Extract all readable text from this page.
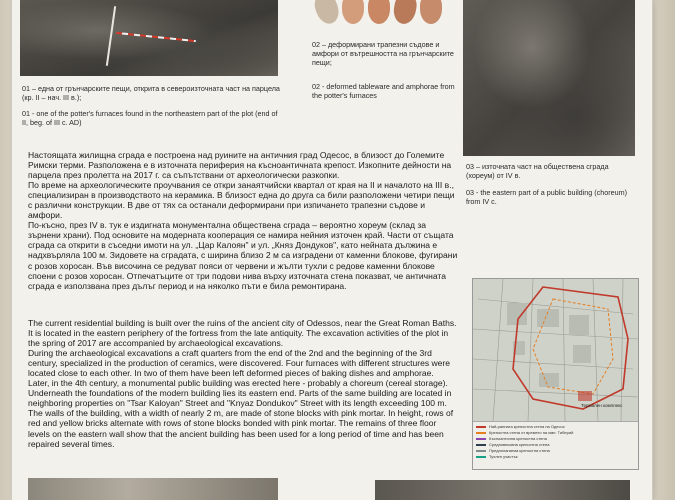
01 – една от грънчарските пещи, открита в североизточната част на парцела (кр. II – нач. III в.);
01 - one of the potter's furnaces found in the northeastern part of the plot (end of II, beg. of III c. AD)
02 – деформирани трапезни съдове и амфори от вътрешността на грънчарските пещи;
02 - deformed tableware and amphorae from the potter's furnaces
03 – източната част на обществена сграда (хореум) от IV в.
03 - the eastern part of a public building (choreum) from IV c.

Настоящата жилищна сграда е построена над руините на античния град Одесос, в близост до Големите Римски терми. Разположена е в източната периферия на късноантичната крепост. Изкопните дейности на парцела през пролетта на 2017 г. са съпътствани от археологически разкопки.

По време на археологическите проучвания се откри занаятчийски квартал от края на II и началото на III в., специализиран в производството на керамика. В близост една до друга са били разположени четири пещи с различни конструкции. В две от тях са останали деформирани при изпичането трапезни съдове и амфори.

По-късно, през IV в. тук е издигната монументална обществена сграда – вероятно хореум (склад за зърнени храни). Под основите на модерната кооперация се намира нейния източен край. Части от същата сграда са открити в съседни имоти на ул. „Цар Калоян" и ул. „Княз Дондуков", като нейната дължина е надхвърляла 100 м. Зидовете на сградата, с ширина близо 2 м са изградени от каменни блокове, фугирани с розов хоросан. Във височина се редуват пояси от червени и жълти тухли с редове каменни блокове споени с розов хоросан. Отпечатъците от три подови нива върху източната стена показват, че античната сграда е използвана през дълъг период и на няколко пъти е била ремонтирана.

The current residential building is built over the ruins of the ancient city of Odessos, near the Great Roman Baths. It is located in the eastern periphery of the fortress from the late antiquity. The excavation activities of the plot in the spring of 2017 are accompanied by archaeological excavations.

During the archaeological excavations a craft quarters from the end of the 2nd and the beginning of the 3rd century, specialized in the production of ceramics, were discovered. Four furnaces with different structures were located close to each other. In two of them have been left deformed pieces of baking dishes and amphorae.

Later, in the 4th century, a monumental public building was erected here - probably a choreum (cereal storage). Underneath the foundations of the modern building lies its eastern end. Parts of the same building are located in neighboring properties on "Tsar Kaloyan" Street and "Knyaz Dondukov" Street with its length exceeding 100 m. The walls of the building, with a width of nearly 2 m, are made of stone blocks with pink mortar. In height, rows of red and yellow bricks alternate with rows of stone blocks bonded with pink mortar. The remains of three floor levels on the eastern wall show that the ancient building has been used for a long period of time and has been repaired several times.

Термален комплекс
Най-ранната крепостна стена на Одесос
Крепостна стена от времето на имп. Тиберий
Късноантична крепостна стена
Средновековна крепостна стена
Предполагаема крепостна стена
Тухлен участък
